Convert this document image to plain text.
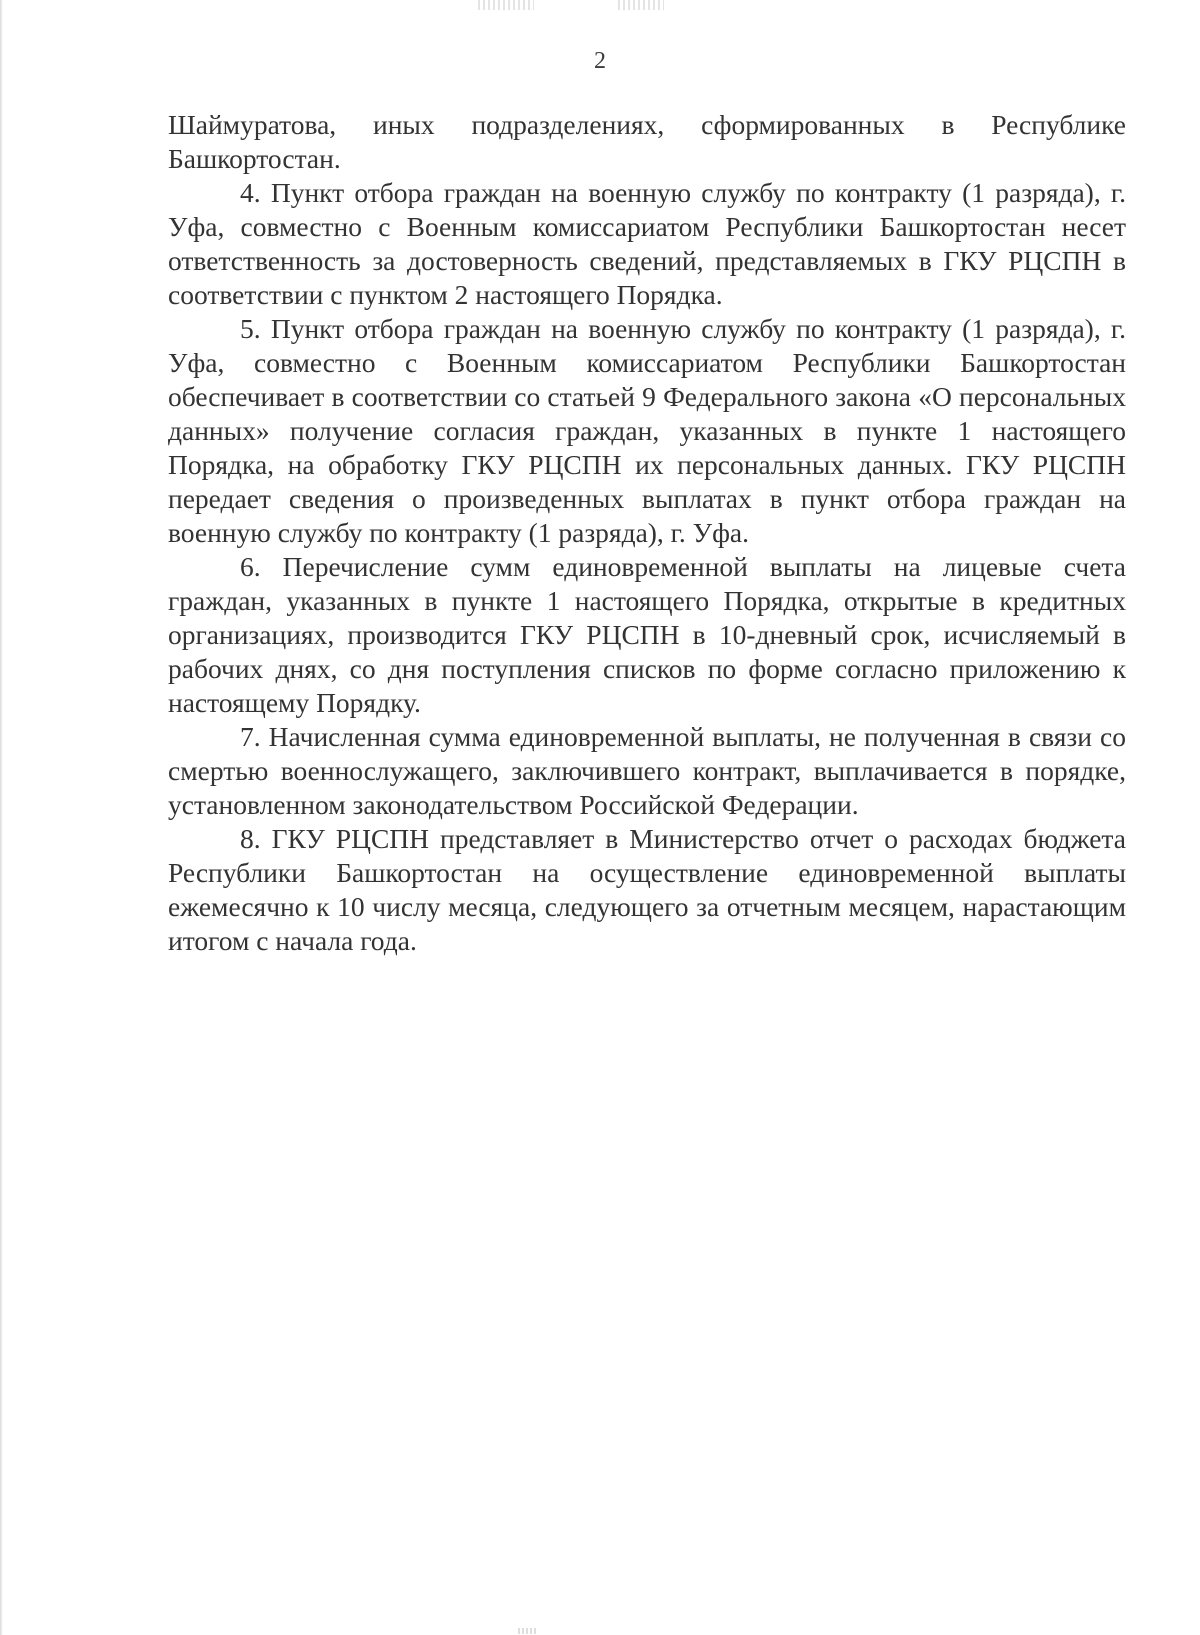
2

Шаймуратова, иных подразделениях, сформированных в Республике Башкортостан.

4. Пункт отбора граждан на военную службу по контракту (1 разряда), г. Уфа, совместно с Военным комиссариатом Республики Башкортостан несет ответственность за достоверность сведений, представляемых в ГКУ РЦСПН в соответствии с пунктом 2 настоящего Порядка.

5. Пункт отбора граждан на военную службу по контракту (1 разряда), г. Уфа, совместно с Военным комиссариатом Республики Башкортостан обеспечивает в соответствии со статьей 9 Федерального закона «О персональных данных» получение согласия граждан, указанных в пункте 1 настоящего Порядка, на обработку ГКУ РЦСПН их персональных данных. ГКУ РЦСПН передает сведения о произведенных выплатах в пункт отбора граждан на военную службу по контракту (1 разряда), г. Уфа.

6. Перечисление сумм единовременной выплаты на лицевые счета граждан, указанных в пункте 1 настоящего Порядка, открытые в кредитных организациях, производится ГКУ РЦСПН в 10-дневный срок, исчисляемый в рабочих днях, со дня поступления списков по форме согласно приложению к настоящему Порядку.

7. Начисленная сумма единовременной выплаты, не полученная в связи со смертью военнослужащего, заключившего контракт, выплачивается в порядке, установленном законодательством Российской Федерации.

8. ГКУ РЦСПН представляет в Министерство отчет о расходах бюджета Республики Башкортостан на осуществление единовременной выплаты ежемесячно к 10 числу месяца, следующего за отчетным месяцем, нарастающим итогом с начала года.
